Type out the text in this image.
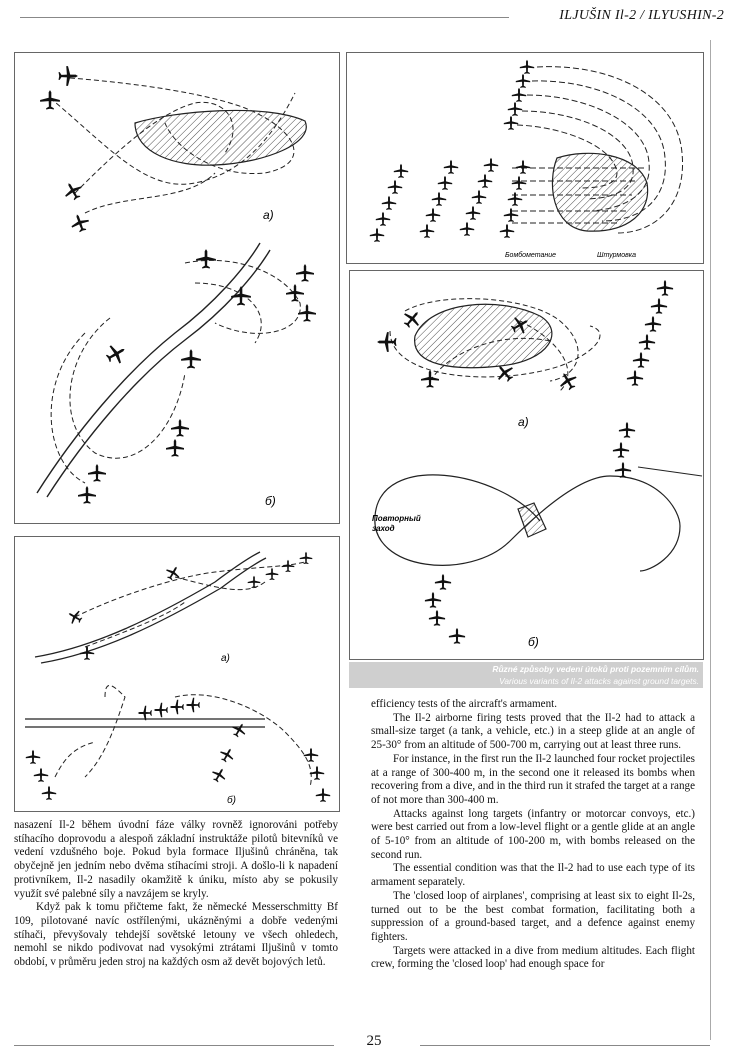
ILJUŠIN Il-2 / ILYUSHIN-2
a)
б)
Бомбометание	Штурмовка
a)
Повторный
заход
б)
Různé způsoby vedení útoků proti pozemním cílům.
Various variants of Il-2 attacks against ground targets.
a)
б)

nasazení Il-2 během úvodní fáze války rovněž ignorováni potřeby stíhacího doprovodu a alespoň základní instruktáže pilotů bitevníků ve vedení vzdušného boje. Pokud byla formace Iljušinů chráněna, tak obyčejně jen jedním nebo dvěma stíhacími stroji. A došlo-li k napadení protivníkem, Il-2 nasadily okamžitě k úniku, místo aby se pokusily využít své palebné síly a navzájem se kryly.

Když pak k tomu přičteme fakt, že německé Messerschmitty Bf 109, pilotované navíc ostřílenými, ukázněnými a dobře vedenými stíhači, převyšovaly tehdejší sovětské letouny ve všech ohledech, nemohl se nikdo podivovat nad vysokými ztrátami Iljušinů v tomto období, v průměru jeden stroj na každých osm až devět bojových letů.

efficiency tests of the aircraft's armament.

The Il-2 airborne firing tests proved that the Il-2 had to attack a small-size target (a tank, a vehicle, etc.) in a steep glide at an angle of 25-30° from an altitude of 500-700 m, carrying out at least three runs.

For instance, in the first run the Il-2 launched four rocket projectiles at a range of 300-400 m, in the second one it released its bombs when recovering from a dive, and in the third run it strafed the target at a range of not more than 300-400 m.

Attacks against long targets (infantry or motorcar convoys, etc.) were best carried out from a low-level flight or a gentle glide at an angle of 5-10° from an altitude of 100-200 m, with bombs released on the second run.

The essential condition was that the Il-2 had to use each type of its armament separately.

The 'closed loop of airplanes', comprising at least six to eight Il-2s, turned out to be the best combat formation, facilitating both a suppression of a ground-based target, and a defence against enemy fighters.

Targets were attacked in a dive from medium altitudes. Each flight crew, forming the 'closed loop' had enough space for

25
